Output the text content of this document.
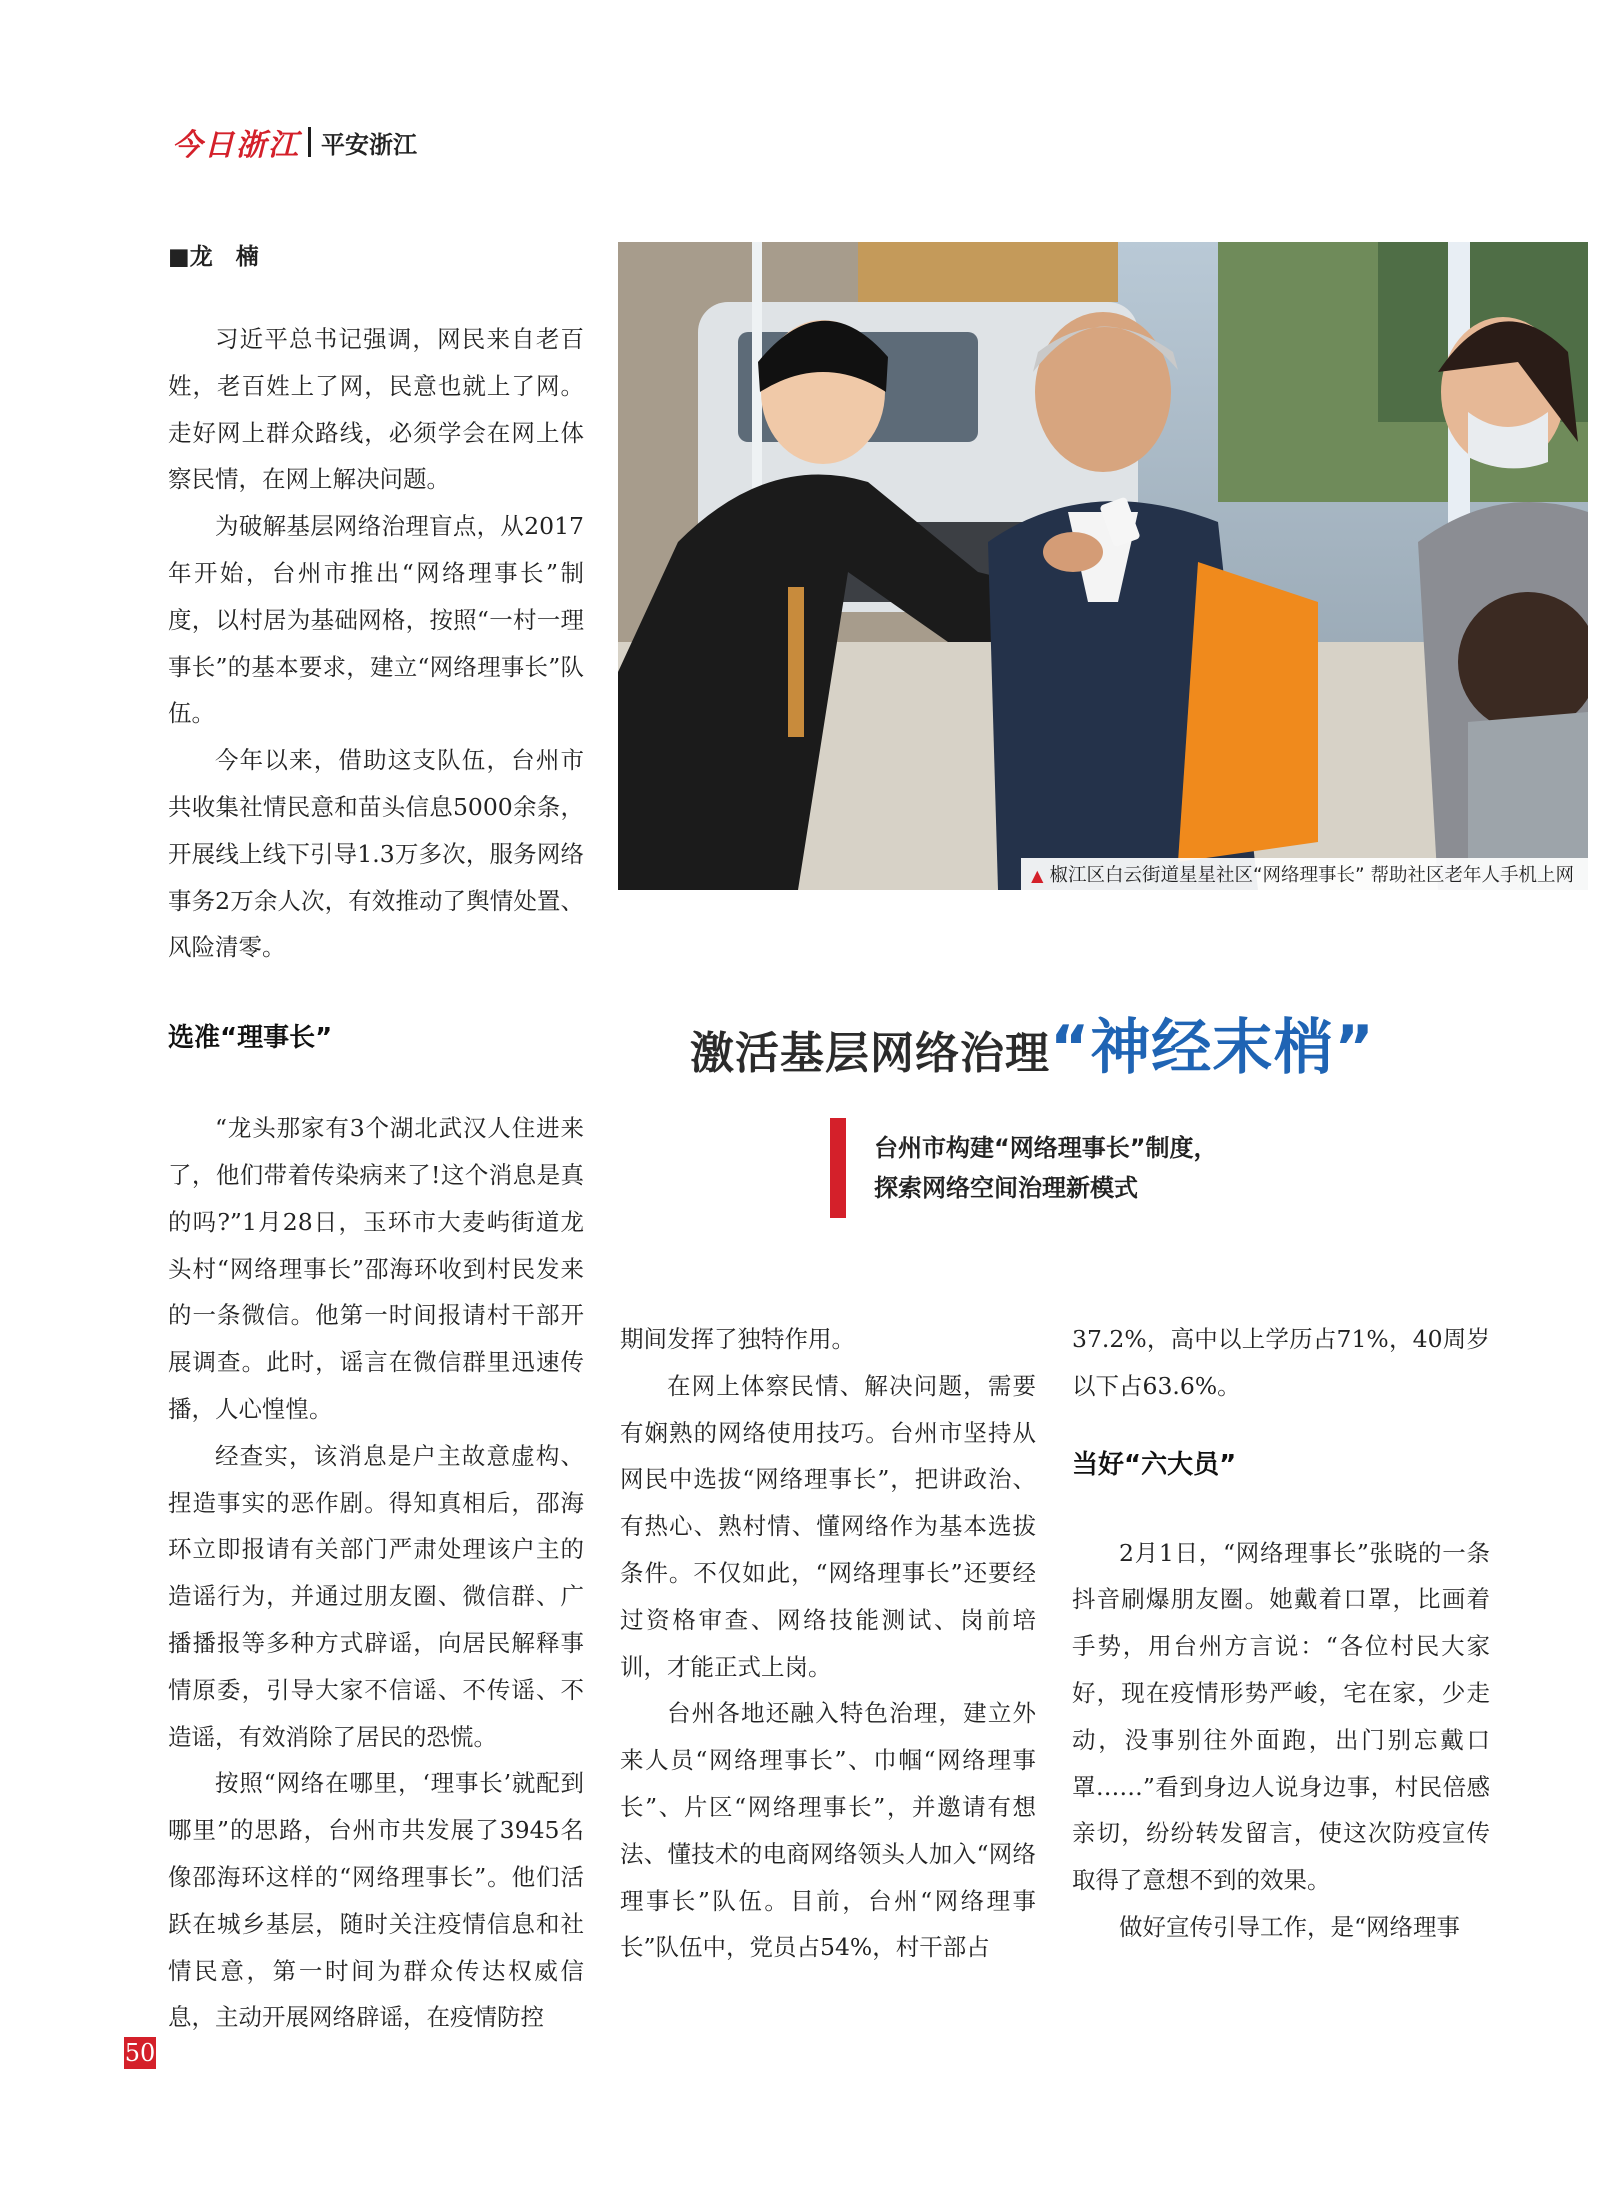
今日浙江 平安浙江
■龙　楠

习近平总书记强调，网民来自老百姓，老百姓上了网，民意也就上了网。走好网上群众路线，必须学会在网上体察民情，在网上解决问题。

为破解基层网络治理盲点，从2017年开始，台州市推出“网络理事长”制度，以村居为基础网格，按照“一村一理事长”的基本要求，建立“网络理事长”队伍。

今年以来，借助这支队伍，台州市共收集社情民意和苗头信息5000余条，开展线上线下引导1.3万多次，服务网络事务2万余人次，有效推动了舆情处置、风险清零。

选准“理事长”

“龙头那家有3个湖北武汉人住进来了，他们带着传染病来了!这个消息是真的吗?”1月28日，玉环市大麦屿街道龙头村“网络理事长”邵海环收到村民发来的一条微信。他第一时间报请村干部开展调查。此时，谣言在微信群里迅速传播，人心惶惶。

经查实，该消息是户主故意虚构、捏造事实的恶作剧。得知真相后，邵海环立即报请有关部门严肃处理该户主的造谣行为，并通过朋友圈、微信群、广播播报等多种方式辟谣，向居民解释事情原委，引导大家不信谣、不传谣、不造谣，有效消除了居民的恐慌。

按照“网络在哪里，‘理事长’就配到哪里”的思路，台州市共发展了3945名像邵海环这样的“网络理事长”。他们活跃在城乡基层，随时关注疫情信息和社情民意，第一时间为群众传达权威信息，主动开展网络辟谣，在疫情防控

▲ 椒江区白云街道星星社区“网络理事长” 帮助社区老年人手机上网
激活基层网络治理“神经末梢”
台州市构建“网络理事长”制度，
探索网络空间治理新模式

期间发挥了独特作用。

在网上体察民情、解决问题，需要有娴熟的网络使用技巧。台州市坚持从网民中选拔“网络理事长”，把讲政治、有热心、熟村情、懂网络作为基本选拔条件。不仅如此，“网络理事长”还要经过资格审查、网络技能测试、岗前培训，才能正式上岗。

台州各地还融入特色治理，建立外来人员“网络理事长”、巾帼“网络理事长”、片区“网络理事长”，并邀请有想法、懂技术的电商网络领头人加入“网络理事长”队伍。目前，台州“网络理事长”队伍中，党员占54%，村干部占

37.2%，高中以上学历占71%，40周岁以下占63.6%。

当好“六大员”

2月1日，“网络理事长”张晓的一条抖音刷爆朋友圈。她戴着口罩，比画着手势，用台州方言说：“各位村民大家好，现在疫情形势严峻，宅在家，少走动，没事别往外面跑，出门别忘戴口罩……”看到身边人说身边事，村民倍感亲切，纷纷转发留言，使这次防疫宣传取得了意想不到的效果。

做好宣传引导工作，是“网络理事

50
